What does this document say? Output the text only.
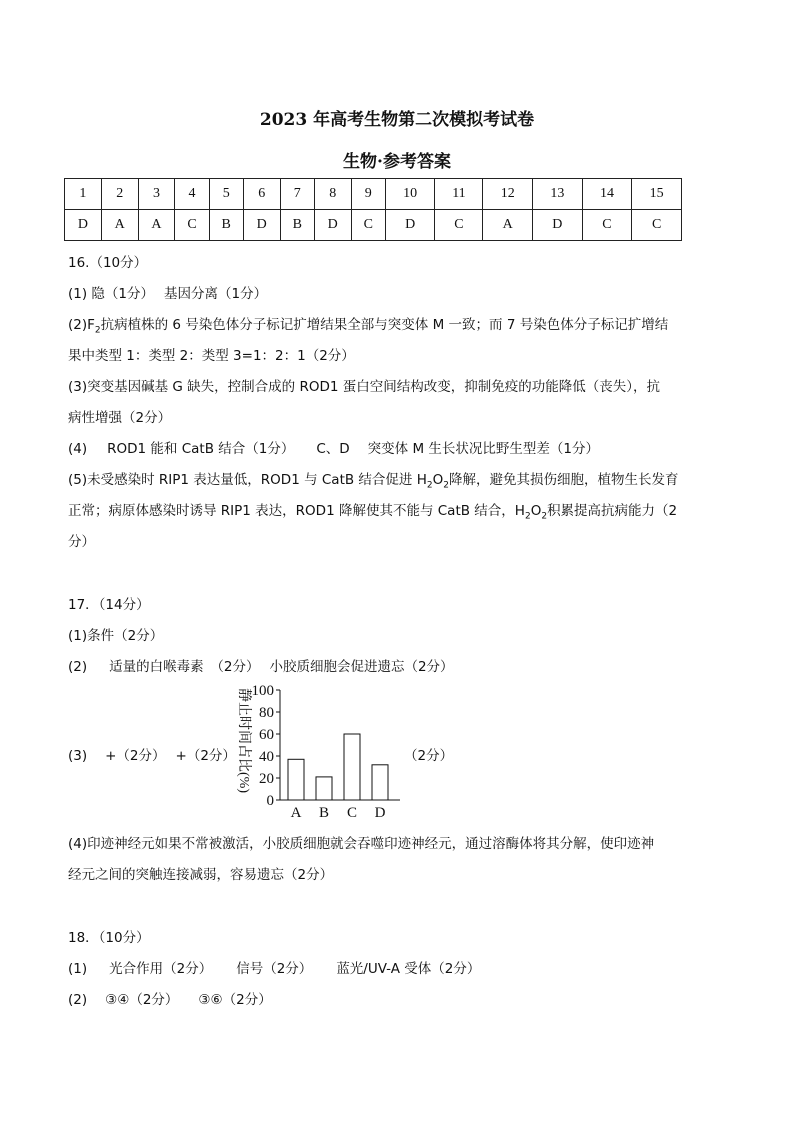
2023 年高考生物第二次模拟考试卷
生物·参考答案
1	2	3	4	5	6	7	8	9	10	11	12	13	14	15
D	A	A	C	B	D	B	D	C	D	C	A	D	C	C
16.（10分）
(1) 隐（1分） 基因分离（1分）
$(2)F_2$抗病植株的 6 号染色体分子标记扩增结果全部与突变体 M 一致；而 7 号染色体分子标记扩增结
果中类型 1：类型 2：类型 3=1：2：1（2分）
(3)突变基因碱基 G 缺失，控制合成的 ROD1 蛋白空间结构改变，抑制免疫的功能降低（丧失），抗
病性增强（2分）
(4) ROD1 能和 CatB 结合（1分） C、D 突变体 M 生长状况比野生型差（1分）
(5)未受感染时 RIP1 表达量低，ROD1 与 CatB 结合促进 $H_2O_2$降解，避免其损伤细胞，植物生长发育
正常；病原体感染时诱导 RIP1 表达，ROD1 降解使其不能与 CatB 结合，$H_2O_2$积累提高抗病能力（2
分）
17．（14分）
(1)条件（2分）
(2) 适量的白喉毒素　（2分） 小胶质细胞会促进遗忘（2分）
(3) +（2分） +（2分）	（2分）
静止时间占比(%)
A B C D
0
20
40
60
80
100
(4)印迹神经元如果不常被激活，小胶质细胞就会吞噬印迹神经元，通过溶酶体将其分解，使印迹神
经元之间的突触连接减弱，容易遗忘（2分）
18．（10分）
(1) 光合作用（2分） 信号（2分） 蓝光/UV-A 受体（2分）
(2) ③④（2分） ③⑥（2分）
